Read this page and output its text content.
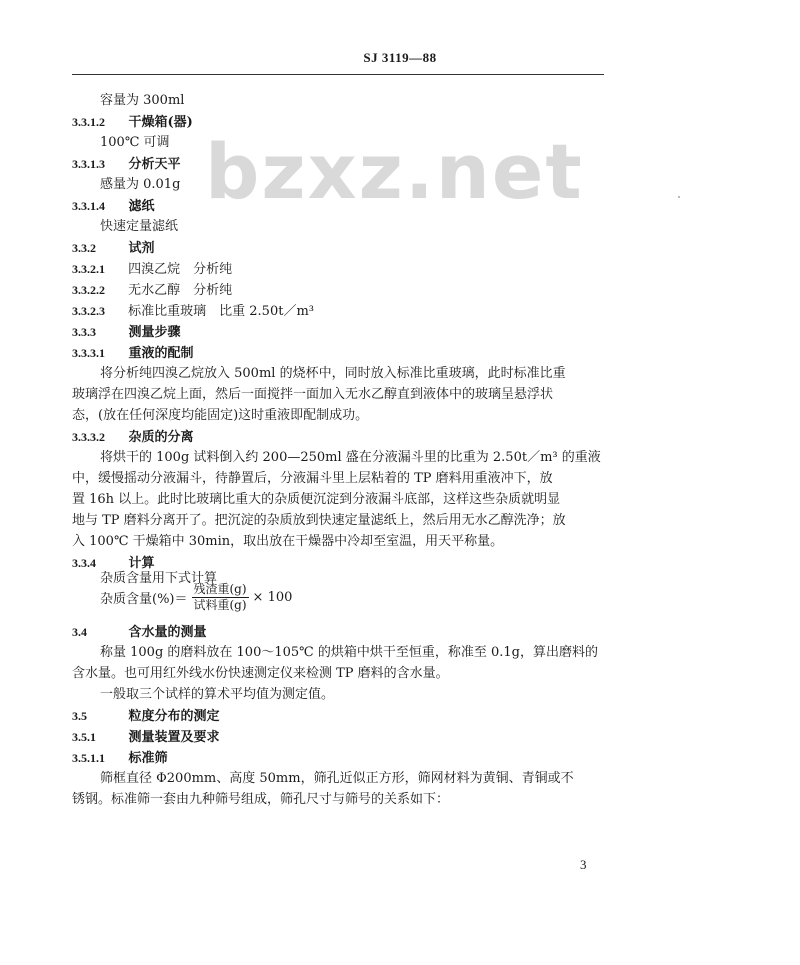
SJ 3119—88
bzxz.net
容量为 300ml
3.3.1.2 干燥箱(器)
100℃ 可调
3.3.1.3 分析天平
感量为 0.01g
3.3.1.4 滤纸
快速定量滤纸
3.3.2	试剂
3.3.2.1 四溴乙烷　分析纯
3.3.2.2 无水乙醇　分析纯
3.3.2.3 标准比重玻璃　比重 2.50t／m³
3.3.3	测量步骤
3.3.3.1 重液的配制
将分析纯四溴乙烷放入 500ml 的烧杯中，同时放入标准比重玻璃，此时标准比重
玻璃浮在四溴乙烷上面，然后一面搅拌一面加入无水乙醇直到液体中的玻璃呈悬浮状
态，(放在任何深度均能固定)这时重液即配制成功。
3.3.3.2 杂质的分离
将烘干的 100g 试料倒入约 200—250ml 盛在分液漏斗里的比重为 2.50t／m³ 的重液
中，缓慢摇动分液漏斗，待静置后，分液漏斗里上层粘着的 TP 磨料用重液冲下，放
置 16h 以上。此时比玻璃比重大的杂质便沉淀到分液漏斗底部，这样这些杂质就明显
地与 TP 磨料分离开了。把沉淀的杂质放到快速定量滤纸上，然后用无水乙醇洗净；放
入 100℃ 干燥箱中 30min，取出放在干燥器中冷却至室温，用天平称量。
3.3.4	计算
杂质含量用下式计算
杂质含量(%)＝ $\frac{\text{残渣重(g)}}{\text{试料重(g)}} \times 100$
3.4	含水量的测量
称量 100g 的磨料放在 100～105℃ 的烘箱中烘干至恒重，称准至 0.1g，算出磨料的
含水量。也可用红外线水份快速测定仪来检测 TP 磨料的含水量。
一般取三个试样的算术平均值为测定值。
3.5	粒度分布的测定
3.5.1	测量装置及要求
3.5.1.1 标准筛
筛框直径 Φ200mm、高度 50mm，筛孔近似正方形，筛网材料为黄铜、青铜或不
锈钢。标准筛一套由九种筛号组成，筛孔尺寸与筛号的关系如下：
3
